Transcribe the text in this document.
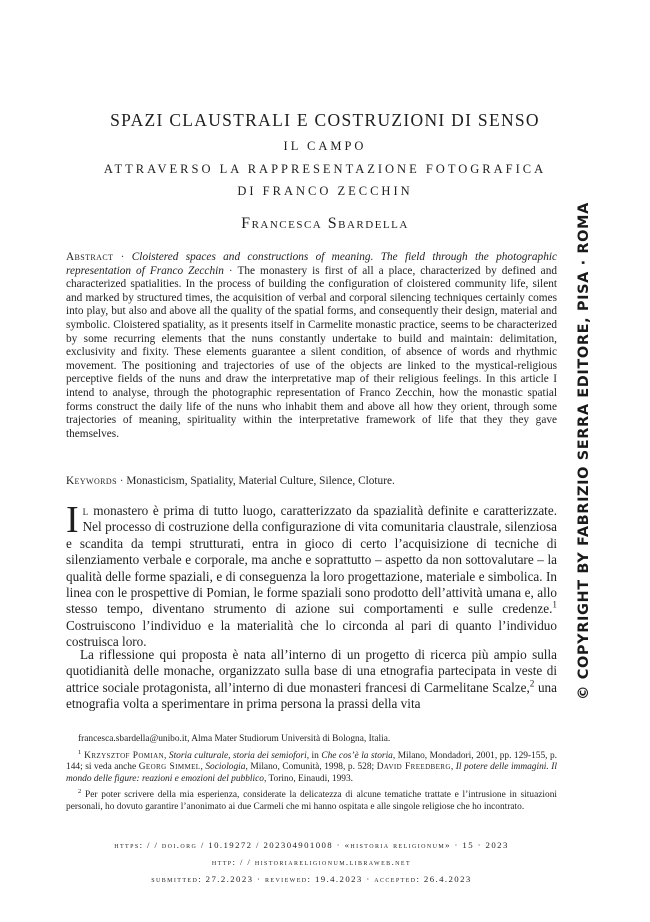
SPAZI CLAUSTRALI E COSTRUZIONI DI SENSO
IL CAMPO
ATTRAVERSO LA RAPPRESENTAZIONE FOTOGRAFICA
DI FRANCO ZECCHIN
Francesca Sbardella

Abstract · Cloistered spaces and constructions of meaning. The field through the photographic representation of Franco Zecchin · The monastery is first of all a place, characterized by defined and characterized spatialities. In the process of building the configuration of cloistered community life, silent and marked by structured times, the acquisition of verbal and corporal silencing techniques certainly comes into play, but also and above all the quality of the spatial forms, and consequently their design, material and symbolic. Cloistered spatiality, as it presents itself in Carmelite monastic practice, seems to be characterized by some recurring elements that the nuns constantly undertake to build and maintain: delimitation, exclusivity and fixity. These elements guarantee a silent condition, of absence of words and rhythmic movement. The positioning and trajectories of use of the objects are linked to the mystical-religious perceptive fields of the nuns and draw the interpretative map of their religious feelings. In this article I intend to analyse, through the photographic representation of Franco Zecchin, how the monastic spatial forms construct the daily life of the nuns who inhabit them and above all how they orient, through some trajectories of meaning, spirituality within the interpretative framework of life that they they gave themselves.

Keywords · Monasticism, Spatiality, Material Culture, Silence, Cloture.

Il monastero è prima di tutto luogo, caratterizzato da spazialità definite e caratterizzate. Nel processo di costruzione della configurazione di vita comunitaria claustrale, silenziosa e scandita da tempi strutturati, entra in gioco di certo l’acquisizione di tecniche di silenziamento verbale e corporale, ma anche e soprattutto – aspetto da non sottovalutare – la qualità delle forme spaziali, e di conseguenza la loro progettazione, materiale e simbolica. In linea con le prospettive di Pomian, le forme spaziali sono prodotto dell’attività umana e, allo stesso tempo, diventano strumento di azione sui comportamenti e sulle credenze.$^1$ Costruiscono l’individuo e la materialità che lo circonda al pari di quanto l’individuo costruisca loro.

La riflessione qui proposta è nata all’interno di un progetto di ricerca più ampio sulla quotidianità delle monache, organizzato sulla base di una etnografia partecipata in veste di attrice sociale protagonista, all’interno di due monasteri francesi di Carmelitane Scalze,$^2$ una etnografia volta a sperimentare in prima persona la prassi della vita

francesca.sbardella@unibo.it, Alma Mater Studiorum Università di Bologna, Italia.

$^1$ Krzysztof Pomian, Storia culturale, storia dei semiofori, in Che cos’è la storia, Milano, Mondadori, 2001, pp. 129-155, p. 144; si veda anche Georg Simmel, Sociologia, Milano, Comunità, 1998, p. 528; David Freedberg, Il potere delle immagini. Il mondo delle figure: reazioni e emozioni del pubblico, Torino, Einaudi, 1993.

$^2$ Per poter scrivere della mia esperienza, considerate la delicatezza di alcune tematiche trattate e l’intrusione in situazioni personali, ho dovuto garantire l’anonimato ai due Carmeli che mi hanno ospitata e alle singole religiose che ho incontrato.

https: / / doi.org / 10.19272 / 202304901008 · «historia religionum» · 15 · 2023
http: / / historiareligionum.libraweb.net
submitted: 27.2.2023 · reviewed: 19.4.2023 · accepted: 26.4.2023
© COPYRIGHT BY FABRIZIO SERRA EDITORE, PISA · ROMA
